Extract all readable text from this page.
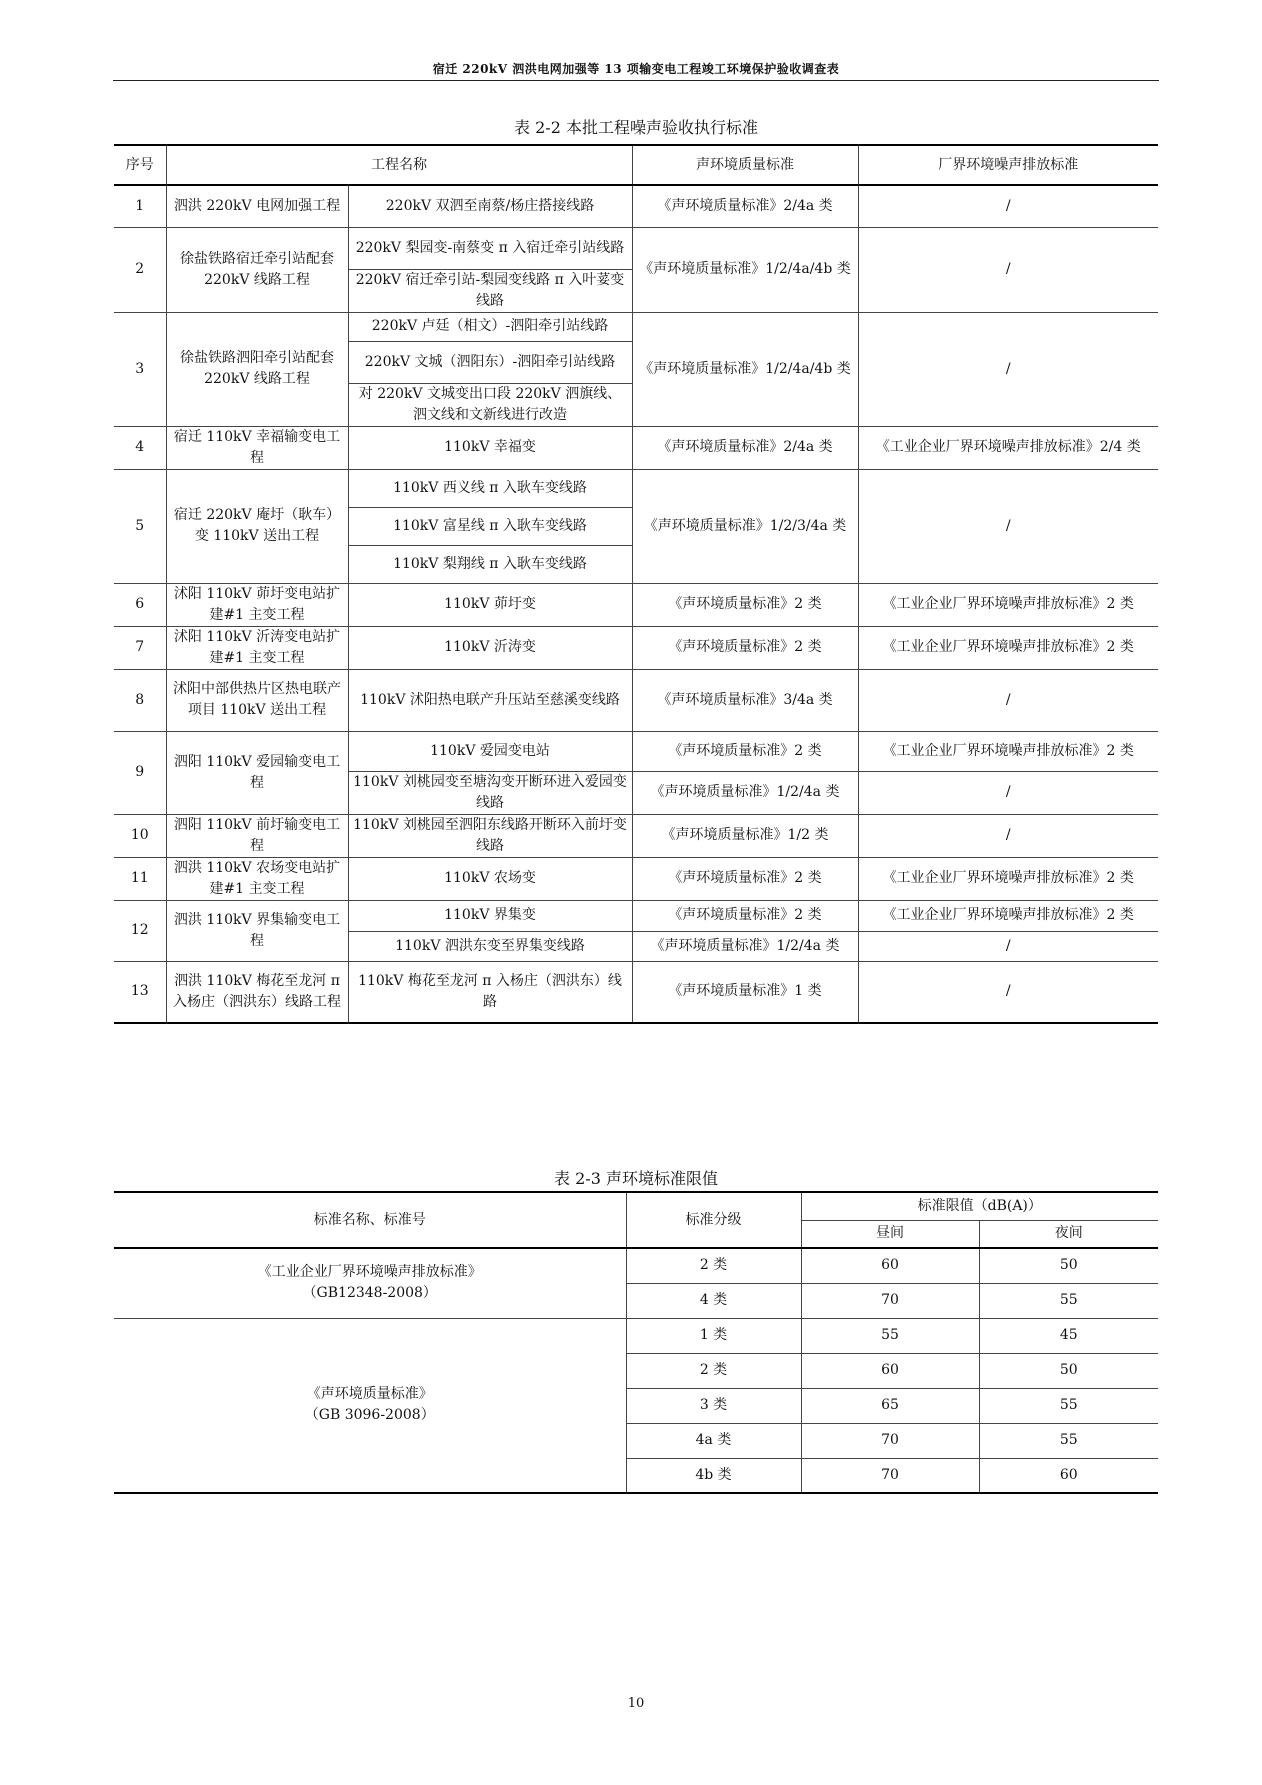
宿迁 220kV 泗洪电网加强等 13 项输变电工程竣工环境保护验收调查表
表 2-2 本批工程噪声验收执行标准
序号	工程名称		声环境质量标准	厂界环境噪声排放标准
1	泗洪 220kV 电网加强工程	220kV 双泗至南蔡/杨庄搭接线路	《声环境质量标准》2/4a 类	/
2	徐盐铁路宿迁牵引站配套 220kV 线路工程	220kV 梨园变-南蔡变 π 入宿迁牵引站线路	《声环境质量标准》1/2/4a/4b 类	/
		220kV 宿迁牵引站-梨园变线路 π 入叶荽变线路		
3	徐盐铁路泗阳牵引站配套 220kV 线路工程	220kV 卢廷（相文）-泗阳牵引站线路	《声环境质量标准》1/2/4a/4b 类	/
		220kV 文城（泗阳东）-泗阳牵引站线路		
		对 220kV 文城变出口段 220kV 泗旗线、泗文线和文新线进行改造		
4	宿迁 110kV 幸福输变电工程	110kV 幸福变	《声环境质量标准》2/4a 类	《工业企业厂界环境噪声排放标准》2/4 类
5	宿迁 220kV 庵圩（耿车）变 110kV 送出工程	110kV 西义线 π 入耿车变线路	《声环境质量标准》1/2/3/4a 类	/
		110kV 富星线 π 入耿车变线路		
		110kV 梨翔线 π 入耿车变线路		
6	沭阳 110kV 茆圩变电站扩建#1 主变工程	110kV 茆圩变	《声环境质量标准》2 类	《工业企业厂界环境噪声排放标准》2 类
7	沭阳 110kV 沂涛变电站扩建#1 主变工程	110kV 沂涛变	《声环境质量标准》2 类	《工业企业厂界环境噪声排放标准》2 类
8	沭阳中部供热片区热电联产项目 110kV 送出工程	110kV 沭阳热电联产升压站至慈溪变线路	《声环境质量标准》3/4a 类	/
9	泗阳 110kV 爱园输变电工程	110kV 爱园变电站	《声环境质量标准》2 类	《工业企业厂界环境噪声排放标准》2 类
		110kV 刘桃园变至塘沟变开断环进入爱园变线路	《声环境质量标准》1/2/4a 类	/
10	泗阳 110kV 前圩输变电工程	110kV 刘桃园至泗阳东线路开断环入前圩变线路	《声环境质量标准》1/2 类	/
11	泗洪 110kV 农场变电站扩建#1 主变工程	110kV 农场变	《声环境质量标准》2 类	《工业企业厂界环境噪声排放标准》2 类
12	泗洪 110kV 界集输变电工程	110kV 界集变	《声环境质量标准》2 类	《工业企业厂界环境噪声排放标准》2 类
		110kV 泗洪东变至界集变线路	《声环境质量标准》1/2/4a 类	/
13	泗洪 110kV 梅花至龙河 π 入杨庄（泗洪东）线路工程	110kV 梅花至龙河 π 入杨庄（泗洪东）线路	《声环境质量标准》1 类	/
表 2-3 声环境标准限值
标准名称、标准号	标准分级	标准限值（dB(A)）	
		昼间	夜间

《工业企业厂界环境噪声排放标准》
（GB12348-2008）	2 类	60	50
	4 类	70	55

《声环境质量标准》
（GB 3096-2008）	1 类	55	45
	2 类	60	50
	3 类	65	55
	4a 类	70	55
	4b 类	70	60
10
